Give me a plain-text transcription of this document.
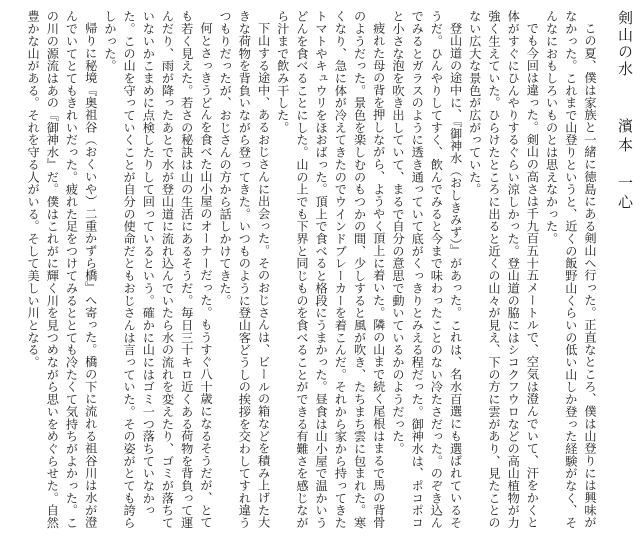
剣山の水濱本　一心

この夏、僕は家族と一緒に徳島にある剣山へ行った。正直なところ、僕は山登りには興味がなかった。これまで山登りというと、近くの飯野山くらいの低い山しか登った経験がなく、そんなにおもしろいものとは思えなかった。

でも今回は違った。剣山の高さは千九百五十五メートルで、空気は澄んでいて、汗をかくと体がすぐにひんやりするぐらい涼しかった。登山道の脇にはシコクフウロなどの高山植物が力強く生えていた。ひらけたところに出ると近くの山々が見え、下の方に雲があり、見たことのない広大な景色が広がっていた。

登山道の途中に、『御神水（おしきみず）』があった。これは、名水百選にも選ばれているそうだ。ひんやりしてすく、飲んでみると今まで味わったことのない冷たさだった。のぞき込んでみるとガラスのように透き通っていて底がくっきりとみえる程だった。御神水は、ポコポコと小さな泡を吹き出していて、まるで自分の意思で動いているかのようだった。

疲れた母の背を押しながら、ようやく頂上に着いた。隣の山まで続く尾根はまるで馬の背骨のようだった。景色を楽しむのもつかの間、少しすると風が吹き、たちまち雲に包まれた。寒くなり、急に体が冷えてきたのでウインドブレーカーを着こんだ。それから家から持ってきたトマトやキュウリをほおばった。頂上で食べると格段にうまかった。昼食は山小屋で温かいうどんを食べることにした。山の上でも下界と同じものを食べることができる有難さを感じながら汁まで飲み干した。

下山する途中、あるおじさんに出会った。そのおじさんは、ビールの箱などを積み上げた大きな荷物を背負いながら登ってきた。いつものように登山客どうしの挨拶を交わしてすれ違うつもりだったが、おじさんの方から話しかけてきた。

何とさっきうどんを食べた山小屋のオーナーだった。もうすぐ八十歳になるそうだが、とても若く見えた。若さの秘訣は山の生活にあるそうだ。毎日三十キロ近くある荷物を背負って運んだり、雨が降ったあとで水が登山道に流れ込んでいたら水の流れを変えたり、ゴミが落ちていないかこまめに点検したりして回っているという。確かに山にはゴミ一つ落ちていなかった。この山を守っていくことが自分の使命だともおじさんは言っていた。その姿がとても誇らしかった。

帰りに秘境『奥祖谷（おくいや）二重かずら橋』へ寄った。橋の下に流れる祖谷川は水が澄んでいてとてもきれいだった。疲れた足をつけてみるととても冷たくて気持ちがよかった。この川の源流はあの『御神水』だ。僕はこれがに輝く川を見つめながら思いをめぐらせた。自然豊かな山がある。それを守る人がいる。そして美しい川となる。
